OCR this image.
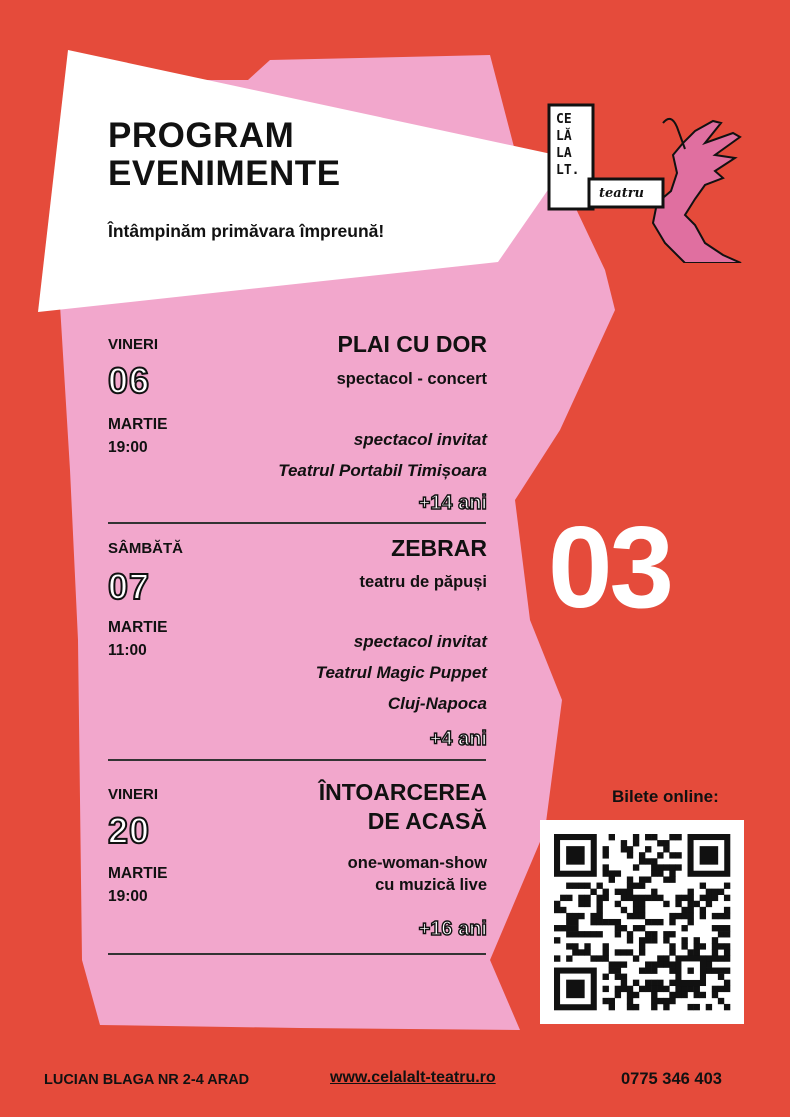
PROGRAM
EVENIMENTE
Întâmpinăm primăvara împreună!
CE
LĂ
LA
LT.
teatru
VINERI
06
MARTIE
19:00
PLAI CU DOR
spectacol - concert
spectacol invitat
Teatrul Portabil Timișoara
+14 ani
SÂMBĂTĂ
07
MARTIE
11:00
ZEBRAR
teatru de păpuși
spectacol invitat
Teatrul Magic Puppet
Cluj-Napoca
+4 ani
VINERI
20
MARTIE
19:00
ÎNTOARCEREA
DE ACASĂ
one-woman-show
cu muzică live
+16 ani
03
Bilete online:
LUCIAN BLAGA NR 2-4 ARAD	www.celalalt-teatru.ro	0775 346 403
